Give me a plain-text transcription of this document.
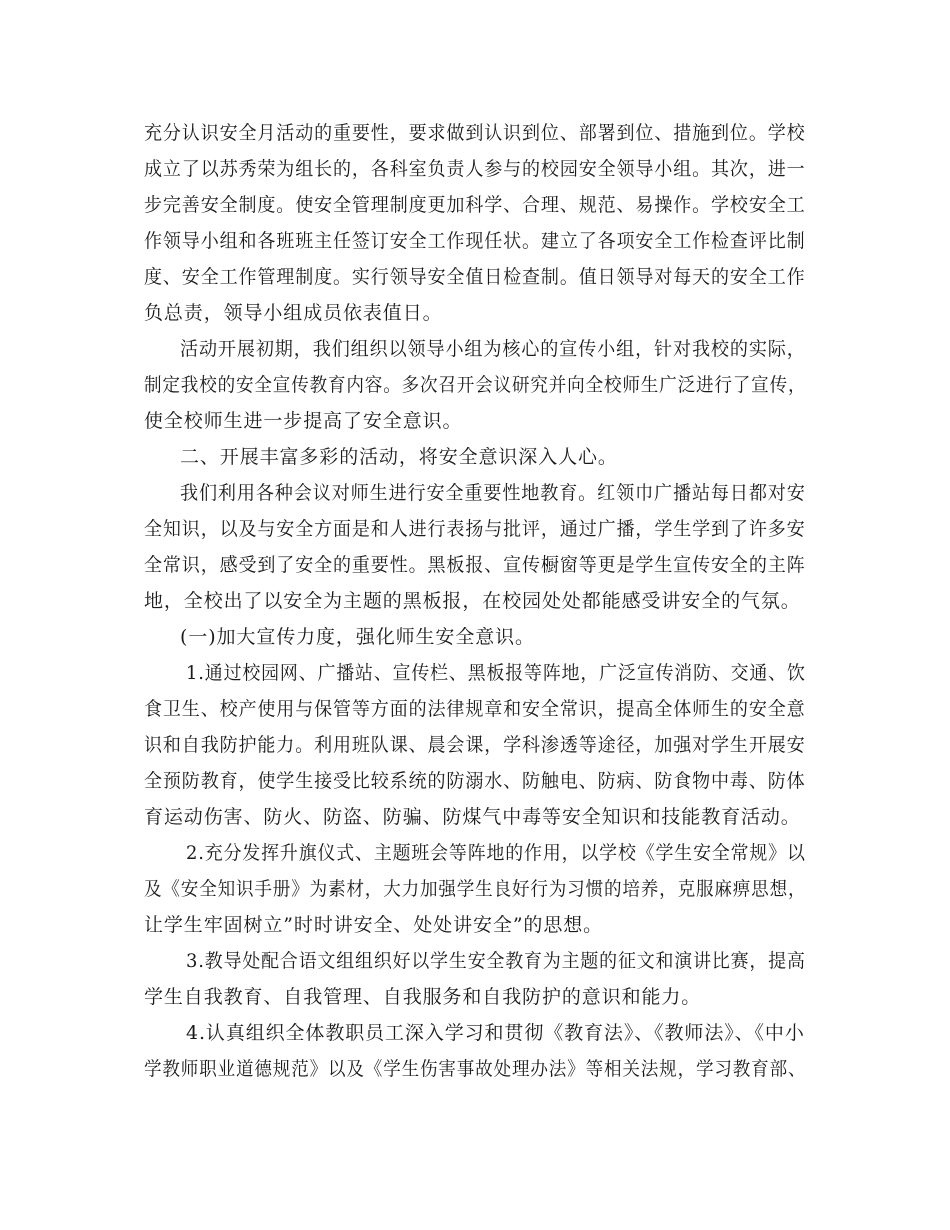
充分认识安全月活动的重要性，要求做到认识到位、部署到位、措施到位。学校
成立了以苏秀荣为组长的，各科室负责人参与的校园安全领导小组。其次，进一
步完善安全制度。使安全管理制度更加科学、合理、规范、易操作。学校安全工
作领导小组和各班班主任签订安全工作现任状。建立了各项安全工作检查评比制
度、安全工作管理制度。实行领导安全值日检查制。值日领导对每天的安全工作
负总责，领导小组成员依表值日。
活动开展初期，我们组织以领导小组为核心的宣传小组，针对我校的实际，
制定我校的安全宣传教育内容。多次召开会议研究并向全校师生广泛进行了宣传，
使全校师生进一步提高了安全意识。
二、开展丰富多彩的活动，将安全意识深入人心。
我们利用各种会议对师生进行安全重要性地教育。红领巾广播站每日都对安
全知识，以及与安全方面是和人进行表扬与批评，通过广播，学生学到了许多安
全常识，感受到了安全的重要性。黑板报、宣传橱窗等更是学生宣传安全的主阵
地，全校出了以安全为主题的黑板报，在校园处处都能感受讲安全的气氛。
(一)加大宣传力度，强化师生安全意识。
1.通过校园网、广播站、宣传栏、黑板报等阵地，广泛宣传消防、交通、饮
食卫生、校产使用与保管等方面的法律规章和安全常识，提高全体师生的安全意
识和自我防护能力。利用班队课、晨会课，学科渗透等途径，加强对学生开展安
全预防教育，使学生接受比较系统的防溺水、防触电、防病、防食物中毒、防体
育运动伤害、防火、防盗、防骗、防煤气中毒等安全知识和技能教育活动。
2.充分发挥升旗仪式、主题班会等阵地的作用，以学校《学生安全常规》以
及《安全知识手册》为素材，大力加强学生良好行为习惯的培养，克服麻痹思想，
让学生牢固树立”时时讲安全、处处讲安全”的思想。
3.教导处配合语文组组织好以学生安全教育为主题的征文和演讲比赛，提高
学生自我教育、自我管理、自我服务和自我防护的意识和能力。
4.认真组织全体教职员工深入学习和贯彻《教育法》、《教师法》、《中小
学教师职业道德规范》以及《学生伤害事故处理办法》等相关法规，学习教育部、
